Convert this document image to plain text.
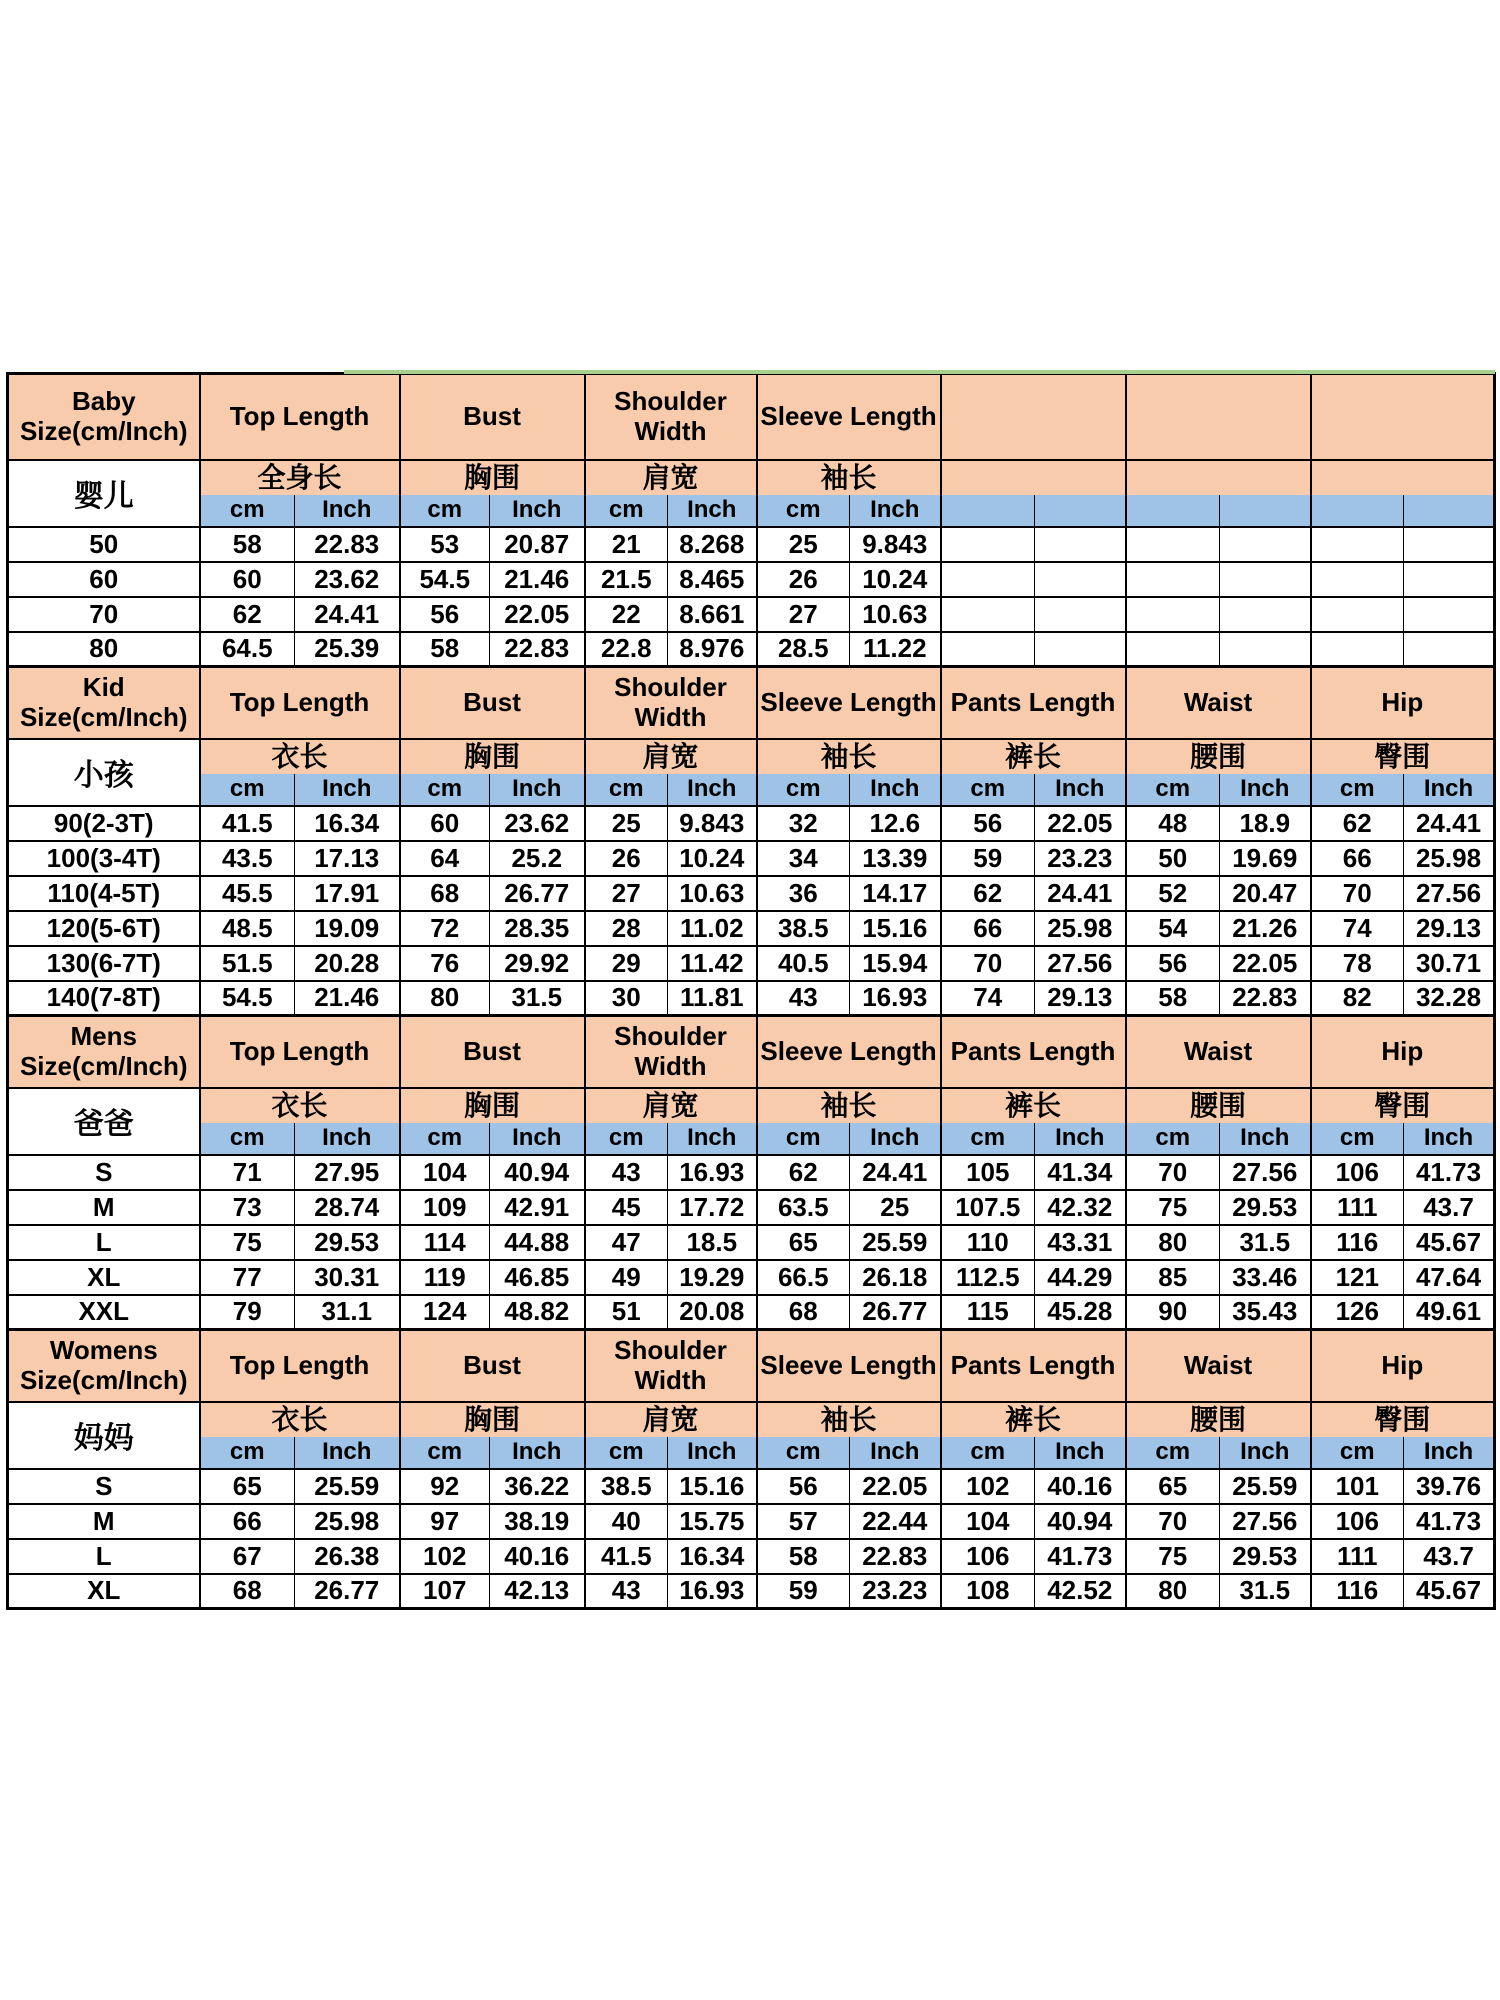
Baby
Size(cm/Inch)	Top Length		Bust		Shoulder Width		Sleeve Length							
婴儿	全身长		胸围		肩宽		袖长							
	cm	Inch	cm	Inch	cm	Inch	cm	Inch						
50	58	22.83	53	20.87	21	8.268	25	9.843						
60	60	23.62	54.5	21.46	21.5	8.465	26	10.24						
70	62	24.41	56	22.05	22	8.661	27	10.63						
80	64.5	25.39	58	22.83	22.8	8.976	28.5	11.22						

Kid
Size(cm/Inch)	Top Length		Bust		Shoulder Width		Sleeve Length		Pants Length		Waist		Hip	
小孩	衣长		胸围		肩宽		袖长		裤长		腰围		臀围	
	cm	Inch	cm	Inch	cm	Inch	cm	Inch	cm	Inch	cm	Inch	cm	Inch
90(2-3T)	41.5	16.34	60	23.62	25	9.843	32	12.6	56	22.05	48	18.9	62	24.41
100(3-4T)	43.5	17.13	64	25.2	26	10.24	34	13.39	59	23.23	50	19.69	66	25.98
110(4-5T)	45.5	17.91	68	26.77	27	10.63	36	14.17	62	24.41	52	20.47	70	27.56
120(5-6T)	48.5	19.09	72	28.35	28	11.02	38.5	15.16	66	25.98	54	21.26	74	29.13
130(6-7T)	51.5	20.28	76	29.92	29	11.42	40.5	15.94	70	27.56	56	22.05	78	30.71
140(7-8T)	54.5	21.46	80	31.5	30	11.81	43	16.93	74	29.13	58	22.83	82	32.28

Mens
Size(cm/Inch)	Top Length		Bust		Shoulder Width		Sleeve Length		Pants Length		Waist		Hip	
爸爸	衣长		胸围		肩宽		袖长		裤长		腰围		臀围	
	cm	Inch	cm	Inch	cm	Inch	cm	Inch	cm	Inch	cm	Inch	cm	Inch
S	71	27.95	104	40.94	43	16.93	62	24.41	105	41.34	70	27.56	106	41.73
M	73	28.74	109	42.91	45	17.72	63.5	25	107.5	42.32	75	29.53	111	43.7
L	75	29.53	114	44.88	47	18.5	65	25.59	110	43.31	80	31.5	116	45.67
XL	77	30.31	119	46.85	49	19.29	66.5	26.18	112.5	44.29	85	33.46	121	47.64
XXL	79	31.1	124	48.82	51	20.08	68	26.77	115	45.28	90	35.43	126	49.61

Womens
Size(cm/Inch)	Top Length		Bust		Shoulder Width		Sleeve Length		Pants Length		Waist		Hip	
妈妈	衣长		胸围		肩宽		袖长		裤长		腰围		臀围	
	cm	Inch	cm	Inch	cm	Inch	cm	Inch	cm	Inch	cm	Inch	cm	Inch
S	65	25.59	92	36.22	38.5	15.16	56	22.05	102	40.16	65	25.59	101	39.76
M	66	25.98	97	38.19	40	15.75	57	22.44	104	40.94	70	27.56	106	41.73
L	67	26.38	102	40.16	41.5	16.34	58	22.83	106	41.73	75	29.53	111	43.7
XL	68	26.77	107	42.13	43	16.93	59	23.23	108	42.52	80	31.5	116	45.67
